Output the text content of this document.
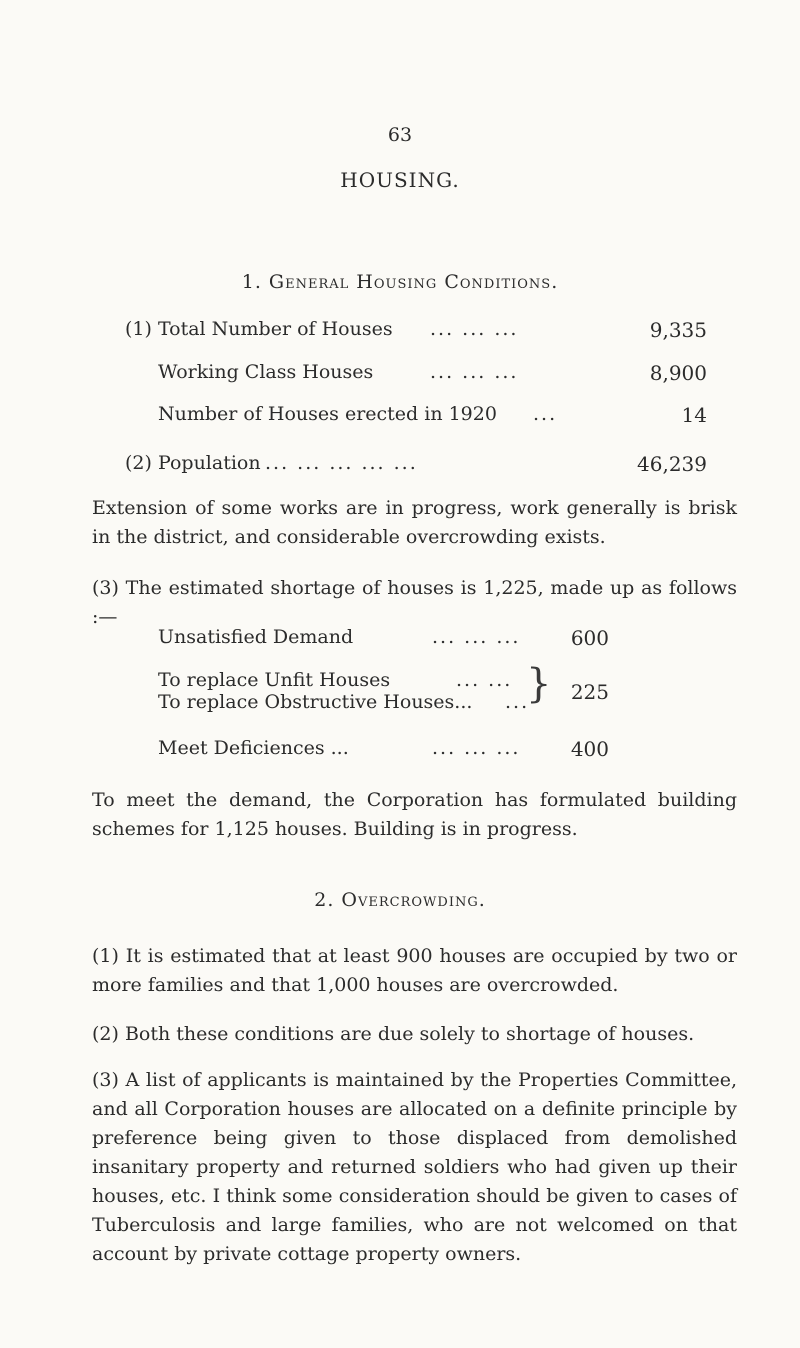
63
HOUSING.
1. General Housing Conditions.
(1) Total Number of Houses ... ... ...	9,335
Working Class Houses	... ... ...	8,900
Number of Houses erected in 1920 ...	14
(2) Population ... ... ... ... ...	46,239
Extension of some works are in progress, work generally is brisk in the district, and considerable overcrowding exists.
(3) The estimated shortage of houses is 1,225, made up as follows :—
Unsatisfied Demand	... ... ...	600
To replace Unfit Houses	... ...
To replace Obstructive Houses... ...
} 225
Meet Deficiences ...	... ... ...	400
To meet the demand, the Corporation has formulated building schemes for 1,125 houses. Building is in progress.
2. Overcrowding.
(1) It is estimated that at least 900 houses are occupied by two or more families and that 1,000 houses are overcrowded.
(2) Both these conditions are due solely to shortage of houses.
(3) A list of applicants is maintained by the Properties Committee, and all Corporation houses are allocated on a definite principle by preference being given to those displaced from demolished insanitary property and returned soldiers who had given up their houses, etc. I think some consideration should be given to cases of Tuberculosis and large families, who are not welcomed on that account by private cottage property owners.
